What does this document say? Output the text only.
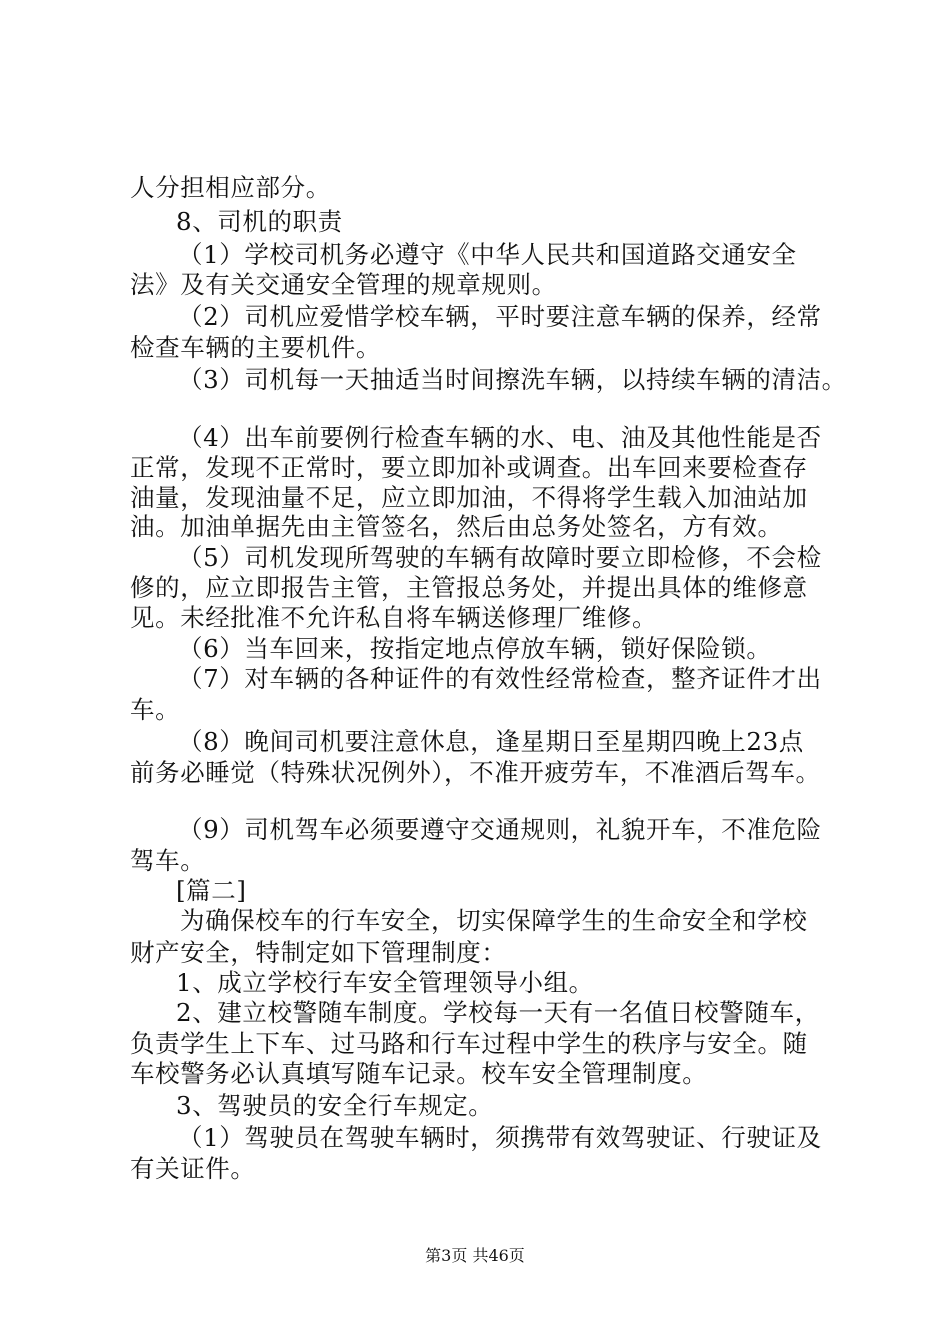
人分担相应部分。
8、司机的职责
（1）学校司机务必遵守《中华人民共和国道路交通安全
法》及有关交通安全管理的规章规则。
（2）司机应爱惜学校车辆，平时要注意车辆的保养，经常
检查车辆的主要机件。
（3）司机每一天抽适当时间擦洗车辆，以持续车辆的清洁。
（4）出车前要例行检查车辆的水、电、油及其他性能是否
正常，发现不正常时，要立即加补或调查。出车回来要检查存
油量，发现油量不足，应立即加油，不得将学生载入加油站加
油。加油单据先由主管签名，然后由总务处签名，方有效。
（5）司机发现所驾驶的车辆有故障时要立即检修，不会检
修的，应立即报告主管，主管报总务处，并提出具体的维修意
见。未经批准不允许私自将车辆送修理厂维修。
（6）当车回来，按指定地点停放车辆，锁好保险锁。
（7）对车辆的各种证件的有效性经常检查，整齐证件才出
车。
（8）晚间司机要注意休息，逢星期日至星期四晚上23点
前务必睡觉（特殊状况例外），不准开疲劳车，不准酒后驾车。
（9）司机驾车必须要遵守交通规则，礼貌开车，不准危险
驾车。
[篇二]
为确保校车的行车安全，切实保障学生的生命安全和学校
财产安全，特制定如下管理制度：
1、成立学校行车安全管理领导小组。
2、建立校警随车制度。学校每一天有一名值日校警随车，
负责学生上下车、过马路和行车过程中学生的秩序与安全。随
车校警务必认真填写随车记录。校车安全管理制度。
3、驾驶员的安全行车规定。
（1）驾驶员在驾驶车辆时，须携带有效驾驶证、行驶证及
有关证件。
第3页 共46页
